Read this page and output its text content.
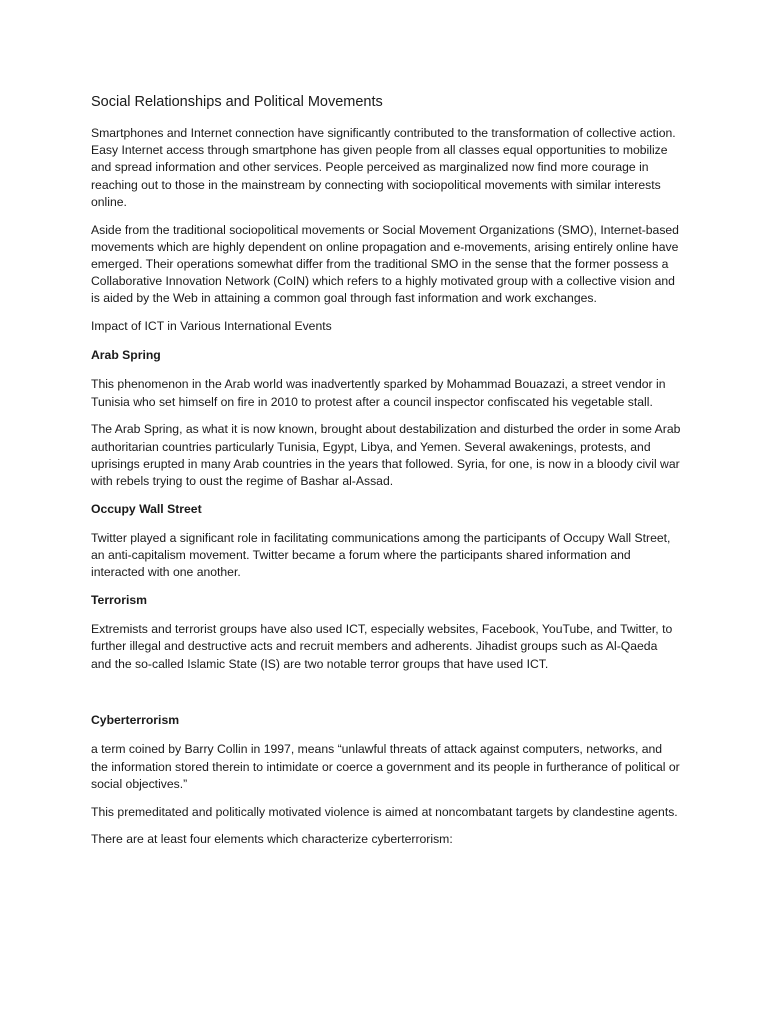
Social Relationships and Political Movements

Smartphones and Internet connection have significantly contributed to the transformation of collective action. Easy Internet access through smartphone has given people from all classes equal opportunities to mobilize and spread information and other services. People perceived as marginalized now find more courage in reaching out to those in the mainstream by connecting with sociopolitical movements with similar interests online.

Aside from the traditional sociopolitical movements or Social Movement Organizations (SMO), Internet-based movements which are highly dependent on online propagation and e-movements, arising entirely online have emerged. Their operations somewhat differ from the traditional SMO in the sense that the former possess a Collaborative Innovation Network (CoIN) which refers to a highly motivated group with a collective vision and is aided by the Web in attaining a common goal through fast information and work exchanges.

Impact of ICT in Various International Events

Arab Spring

This phenomenon in the Arab world was inadvertently sparked by Mohammad Bouazazi, a street vendor in Tunisia who set himself on fire in 2010 to protest after a council inspector confiscated his vegetable stall.

The Arab Spring, as what it is now known, brought about destabilization and disturbed the order in some Arab authoritarian countries particularly Tunisia, Egypt, Libya, and Yemen. Several awakenings, protests, and uprisings erupted in many Arab countries in the years that followed. Syria, for one, is now in a bloody civil war with rebels trying to oust the regime of Bashar al-Assad.

Occupy Wall Street

Twitter played a significant role in facilitating communications among the participants of Occupy Wall Street, an anti-capitalism movement. Twitter became a forum where the participants shared information and interacted with one another.

Terrorism

Extremists and terrorist groups have also used ICT, especially websites, Facebook, YouTube, and Twitter, to further illegal and destructive acts and recruit members and adherents. Jihadist groups such as Al-Qaeda and the so-called Islamic State (IS) are two notable terror groups that have used ICT.

Cyberterrorism

a term coined by Barry Collin in 1997, means “unlawful threats of attack against computers, networks, and the information stored therein to intimidate or coerce a government and its people in furtherance of political or social objectives.”

This premeditated and politically motivated violence is aimed at noncombatant targets by clandestine agents.

There are at least four elements which characterize cyberterrorism:
